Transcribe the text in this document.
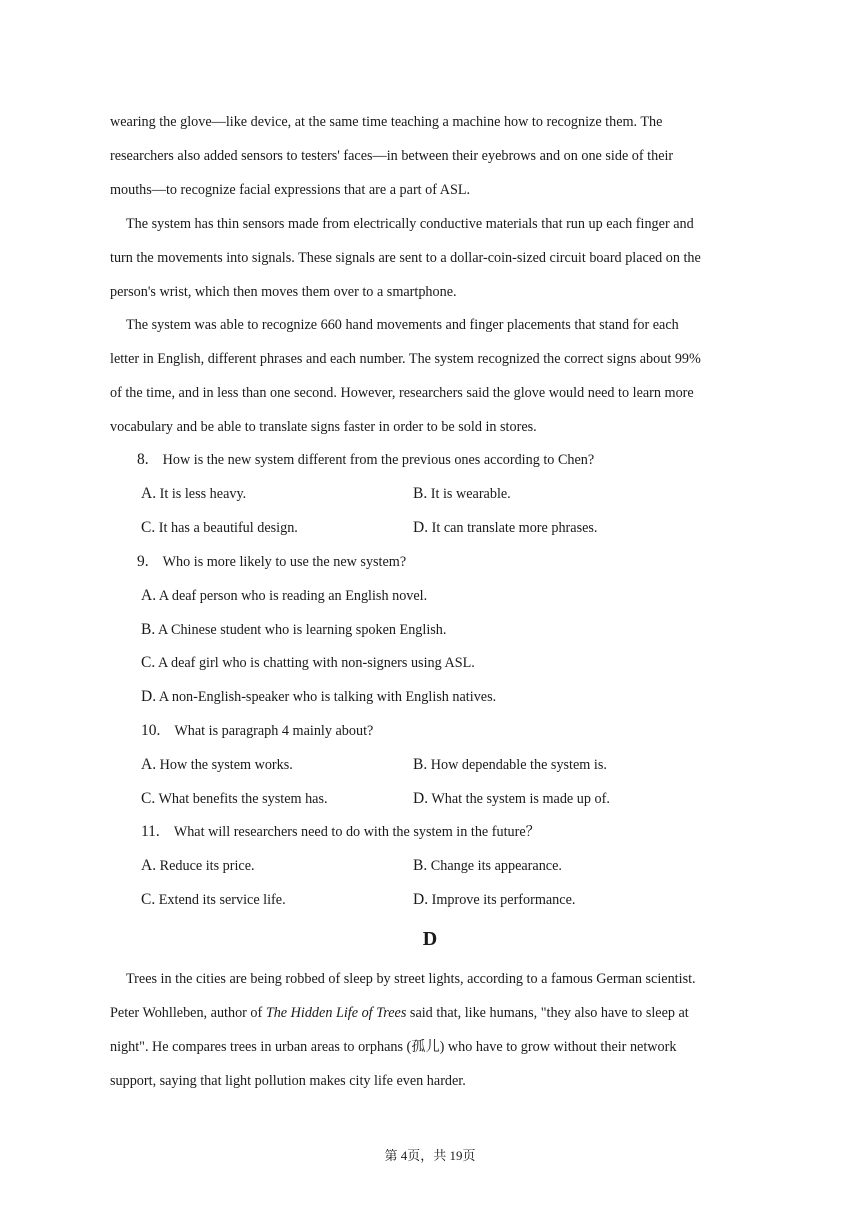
wearing the glove—like device, at the same time teaching a machine how to recognize them. The
researchers also added sensors to testers' faces—in between their eyebrows and on one side of their
mouths—to recognize facial expressions that are a part of ASL.
The system has thin sensors made from electrically conductive materials that run up each finger and
turn the movements into signals. These signals are sent to a dollar-coin-sized circuit board placed on the
person's wrist, which then moves them over to a smartphone.
The system was able to recognize 660 hand movements and finger placements that stand for each
letter in English, different phrases and each number. The system recognized the correct signs about 99%
of the time, and in less than one second. However, researchers said the glove would need to learn more
vocabulary and be able to translate signs faster in order to be sold in stores.
8. How is the new system different from the previous ones according to Chen?
A. It is less heavy.	B. It is wearable.
C. It has a beautiful design.	D. It can translate more phrases.
9. Who is more likely to use the new system?
A. A deaf person who is reading an English novel.
B. A Chinese student who is learning spoken English.
C. A deaf girl who is chatting with non-signers using ASL.
D. A non-English-speaker who is talking with English natives.
10. What is paragraph 4 mainly about?
A. How the system works.	B. How dependable the system is.
C. What benefits the system has.	D. What the system is made up of.
11. What will researchers need to do with the system in the future？
A. Reduce its price.	B. Change its appearance.
C. Extend its service life.	D. Improve its performance.
D
Trees in the cities are being robbed of sleep by street lights, according to a famous German scientist.
Peter Wohlleben, author of The Hidden Life of Trees said that, like humans, "they also have to sleep at
night". He compares trees in urban areas to orphans (孤儿) who have to grow without their network
support, saying that light pollution makes city life even harder.
第 4页，共 19页
